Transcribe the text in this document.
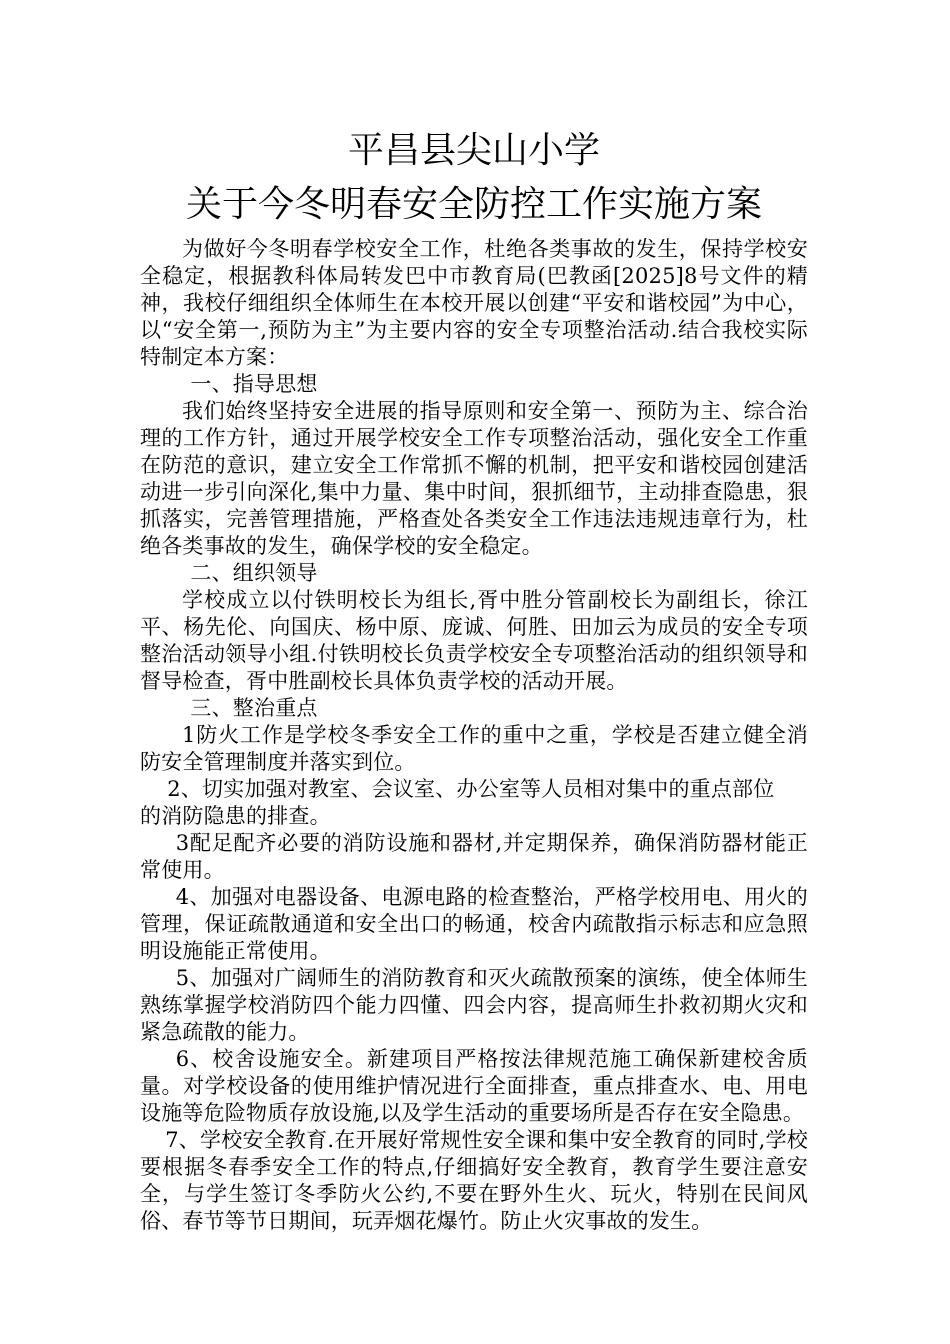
平昌县尖山小学
关于今冬明春安全防控工作实施方案

为做好今冬明春学校安全工作，杜绝各类事故的发生，保持学校安全稳定，根据教科体局转发巴中市教育局(巴教函[2025]8号文件的精神，我校仔细组织全体师生在本校开展以创建“平安和谐校园”为中心，以“安全第一,预防为主”为主要内容的安全专项整治活动.结合我校实际特制定本方案：

一、指导思想

我们始终坚持安全进展的指导原则和安全第一、预防为主、综合治理的工作方针，通过开展学校安全工作专项整治活动，强化安全工作重在防范的意识，建立安全工作常抓不懈的机制，把平安和谐校园创建活动进一步引向深化,集中力量、集中时间，狠抓细节，主动排查隐患，狠抓落实，完善管理措施，严格查处各类安全工作违法违规违章行为，杜绝各类事故的发生，确保学校的安全稳定。

二、组织领导

学校成立以付铁明校长为组长,胥中胜分管副校长为副组长，徐江平、杨先伦、向国庆、杨中原、庞诚、何胜、田加云为成员的安全专项整治活动领导小组.付铁明校长负责学校安全专项整治活动的组织领导和督导检查，胥中胜副校长具体负责学校的活动开展。

三、整治重点

1防火工作是学校冬季安全工作的重中之重，学校是否建立健全消防安全管理制度并落实到位。

2、切实加强对教室、会议室、办公室等人员相对集中的重点部位

的消防隐患的排查。

3配足配齐必要的消防设施和器材,并定期保养，确保消防器材能正常使用。

4、加强对电器设备、电源电路的检查整治，严格学校用电、用火的管理，保证疏散通道和安全出口的畅通，校舍内疏散指示标志和应急照明设施能正常使用。

5、加强对广阔师生的消防教育和灭火疏散预案的演练，使全体师生熟练掌握学校消防四个能力四懂、四会内容，提高师生扑救初期火灾和紧急疏散的能力。

6、校舍设施安全。新建项目严格按法律规范施工确保新建校舍质量。对学校设备的使用维护情况进行全面排查，重点排查水、电、用电设施等危险物质存放设施,以及学生活动的重要场所是否存在安全隐患。

7、学校安全教育.在开展好常规性安全课和集中安全教育的同时,学校要根据冬春季安全工作的特点,仔细搞好安全教育，教育学生要注意安全，与学生签订冬季防火公约,不要在野外生火、玩火，特别在民间风俗、春节等节日期间，玩弄烟花爆竹。防止火灾事故的发生。
